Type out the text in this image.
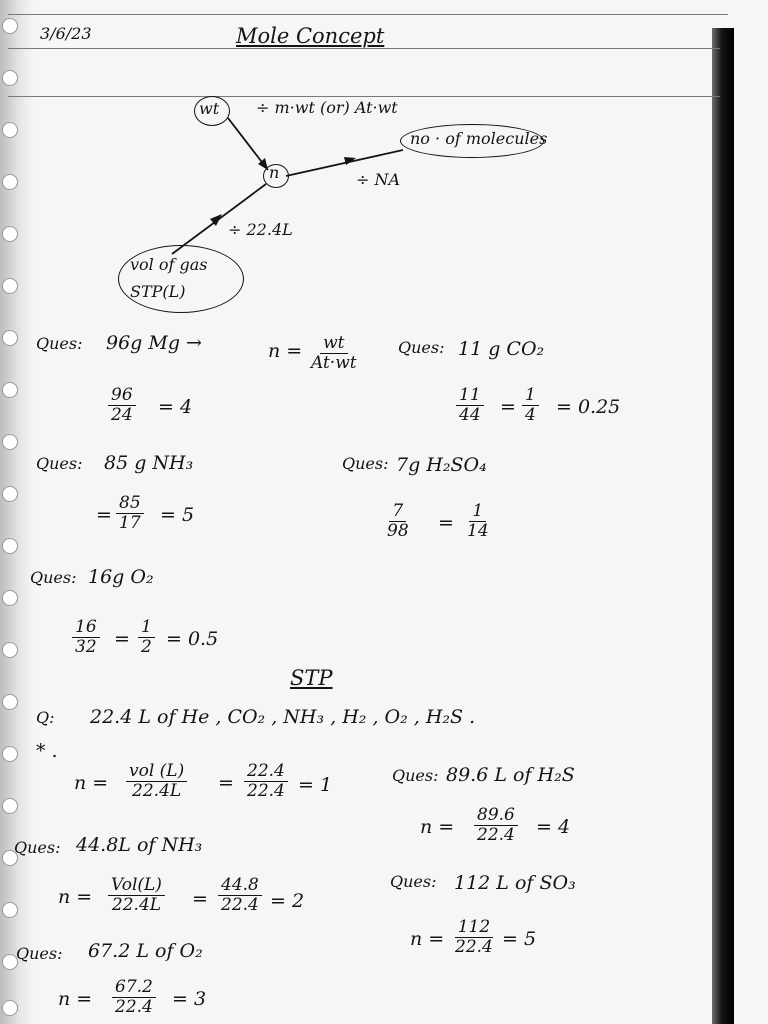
3/6/23	Mole Concept
wt ÷ m·wt (or) At·wt
n
no · of molecules
÷ NA
÷ 22.4L
vol of gas
STP(L)
Ques: 96g Mg →	$n = \frac{wt}{At\cdot wt}$
$\frac{96}{24} = 4$
Ques: 11 g CO₂
$\frac{11}{44} = \frac{1}{4} = 0.25$
Ques: 85 g NH₃
= $\frac{85}{17} = 5$
Ques: 7g H₂SO₄
$\frac{7}{98} = \frac{1}{14}$
Ques: 16g O₂
$\frac{16}{32} = \frac{1}{2} = 0.5$
STP
Q: 22.4 L of He , CO₂ , NH₃ , H₂ , O₂ , H₂S .
* .
n =
vol (L)
$22.4L = \frac{22.4}{22.4} = 1$	Ques: 89.6 L of H₂S
$n = \frac{89.6}{22.4} = 4$
Ques: 44.8L of NH₃
n =
Vol(L)
$22.4L = \frac{44.8}{22.4} = 2$
Ques: 112 L of SO₃
$n = \frac{112}{22.4} = 5$
Ques: 67.2 L of O₂
$n = \frac{67.2}{22.4} = 3$
